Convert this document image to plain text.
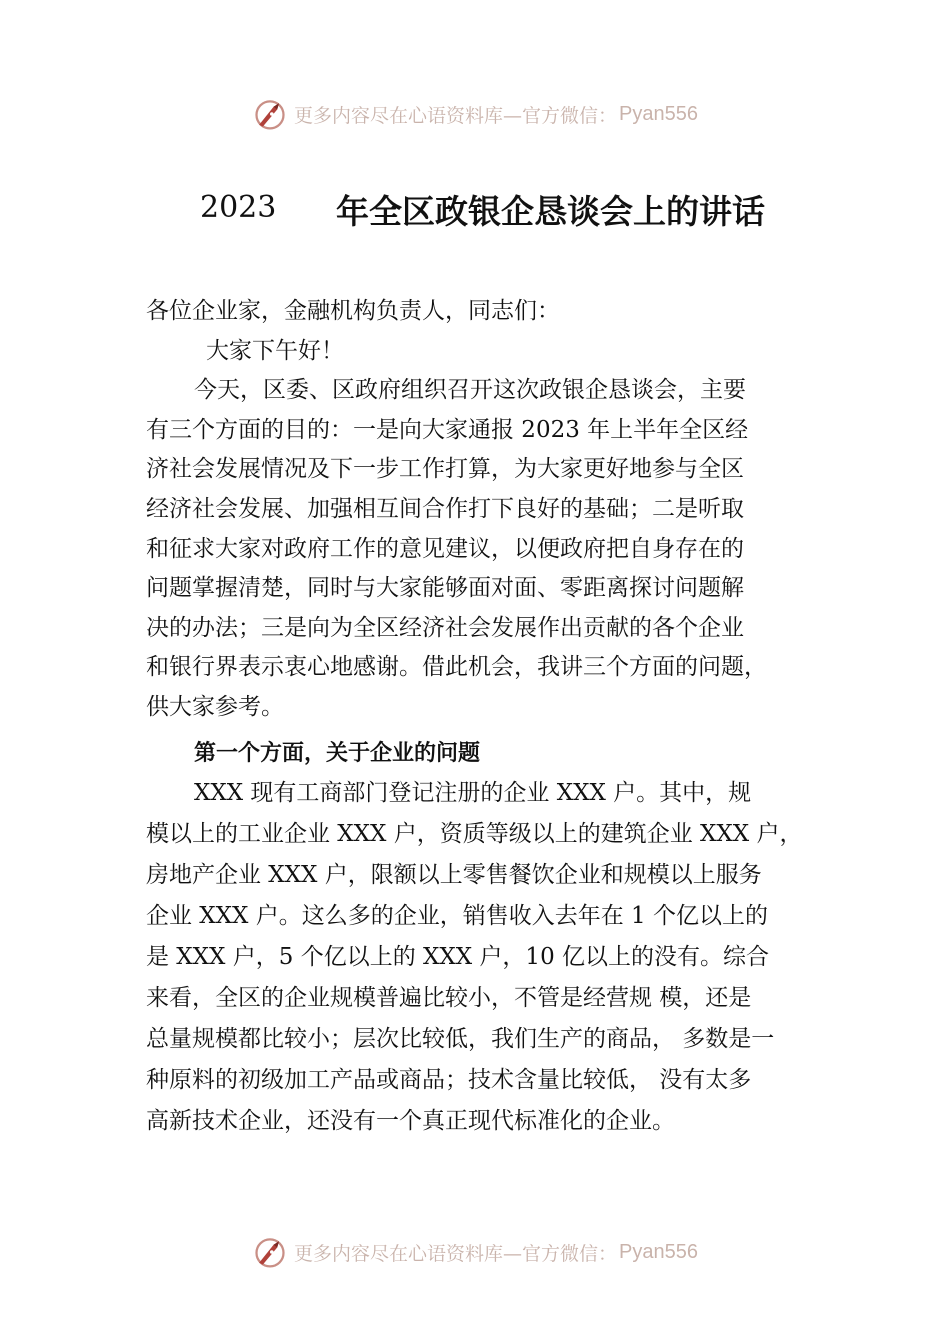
更多内容尽在心语资料库—官方微信： Pyan556
2023 年全区政银企恳谈会上的讲话

各位企业家，金融机构负责人，同志们：

大家下午好！

今天，区委、区政府组织召开这次政银企恳谈会，主要

有三个方面的目的：一是向大家通报 2023 年上半年全区经

济社会发展情况及下一步工作打算，为大家更好地参与全区

经济社会发展、加强相互间合作打下良好的基础；二是听取

和征求大家对政府工作的意见建议，以便政府把自身存在的

问题掌握清楚，同时与大家能够面对面、零距离探讨问题解

决的办法；三是向为全区经济社会发展作出贡献的各个企业

和银行界表示衷心地感谢。借此机会，我讲三个方面的问题，

供大家参考。

第一个方面，关于企业的问题

XXX 现有工商部门登记注册的企业 XXX 户。其中，规

模以上的工业企业 XXX 户，资质等级以上的建筑企业 XXX 户，

房地产企业 XXX 户，限额以上零售餐饮企业和规模以上服务

企业 XXX 户。这么多的企业，销售收入去年在 1 个亿以上的

是 XXX 户，5 个亿以上的 XXX 户，10 亿以上的没有。综合

来看，全区的企业规模普遍比较小，不管是经营规 模，还是

总量规模都比较小；层次比较低，我们生产的商品， 多数是一

种原料的初级加工产品或商品；技术含量比较低， 没有太多

高新技术企业，还没有一个真正现代标准化的企业。

更多内容尽在心语资料库—官方微信： Pyan556
